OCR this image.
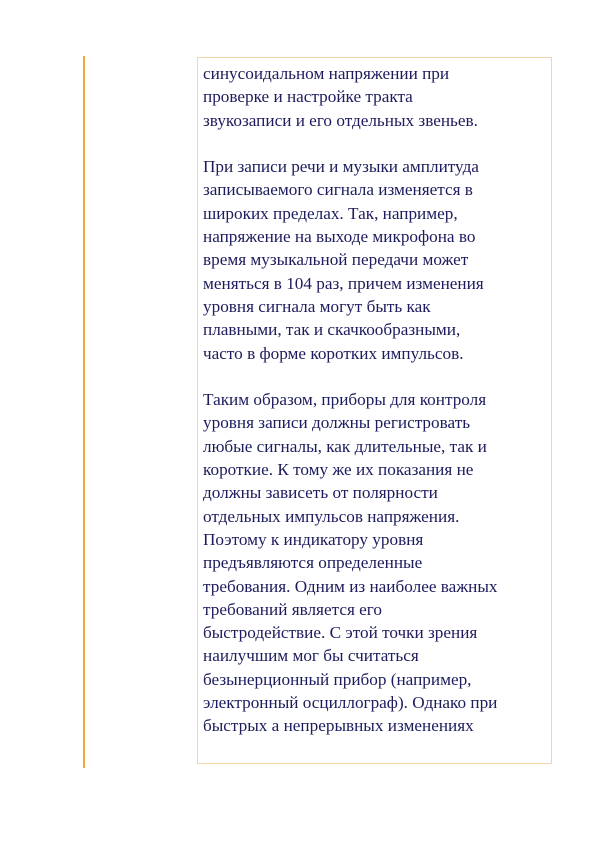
синусоидальном напряжении при
проверке и настройке тракта
звукозаписи и его отдельных звеньев.
При записи речи и музыки амплитуда
записываемого сигнала изменяется в
широких пределах. Так, например,
напряжение на выходе микрофона во
время музыкальной передачи может
меняться в 104 раз, причем изменения
уровня сигнала могут быть как
плавными, так и скачкообразными,
часто в форме коротких импульсов.
Таким образом, приборы для контроля
уровня записи должны регистровать
любые сигналы, как длительные, так и
короткие. К тому же их показания не
должны зависеть от полярности
отдельных импульсов напряжения.
Поэтому к индикатору уровня
предъявляются определенные
требования. Одним из наиболее важных
требований является его
быстродействие. С этой точки зрения
наилучшим мог бы считаться
безынерционный прибор (например,
электронный осциллограф). Однако при
быстрых а непрерывных изменениях
